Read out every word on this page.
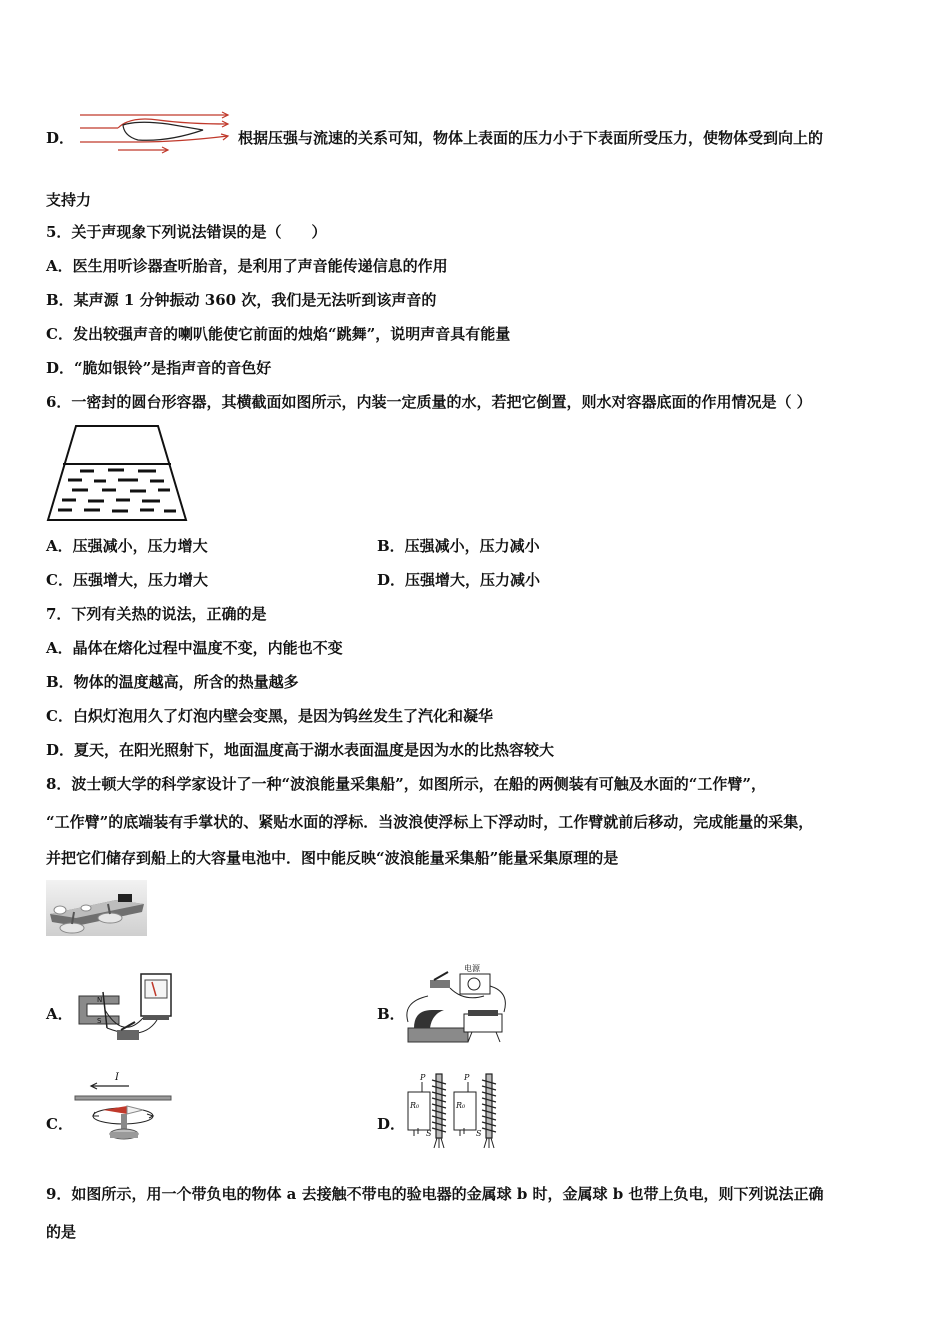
D．	根据压强与流速的关系可知，物体上表面的压力小于下表面所受压力，使物体受到向上的
支持力
5．关于声现象下列说法错误的是（　　）
A．医生用听诊器查听胎音，是利用了声音能传递信息的作用
B．某声源 1 分钟振动 360 次，我们是无法听到该声音的
C．发出较强声音的喇叭能使它前面的烛焰“跳舞”，说明声音具有能量
D．“脆如银铃”是指声音的音色好
6．一密封的圆台形容器，其横截面如图所示，内装一定质量的水，若把它倒置，则水对容器底面的作用情况是（ ）
A．压强减小，压力增大	B．压强减小，压力减小
C．压强增大，压力增大	D．压强增大，压力减小
7．下列有关热的说法，正确的是
A．晶体在熔化过程中温度不变，内能也不变
B．物体的温度越高，所含的热量越多
C．白炽灯泡用久了灯泡内壁会变黑，是因为钨丝发生了汽化和凝华
D．夏天，在阳光照射下，地面温度高于湖水表面温度是因为水的比热容较大
8．波士顿大学的科学家设计了一种“波浪能量采集船”，如图所示，在船的两侧装有可触及水面的“工作臂”，
“工作臂”的底端装有手掌状的、紧贴水面的浮标．当波浪使浮标上下浮动时，工作臂就前后移动，完成能量的采集，
并把它们储存到船上的大容量电池中．图中能反映“波浪能量采集船”能量采集原理的是
A．
N
S	B．
电源
C．
I
D．
P
R₀
S
P
R₀
S
9．如图所示，用一个带负电的物体 a 去接触不带电的验电器的金属球 b 时，金属球 b 也带上负电，则下列说法正确
的是
